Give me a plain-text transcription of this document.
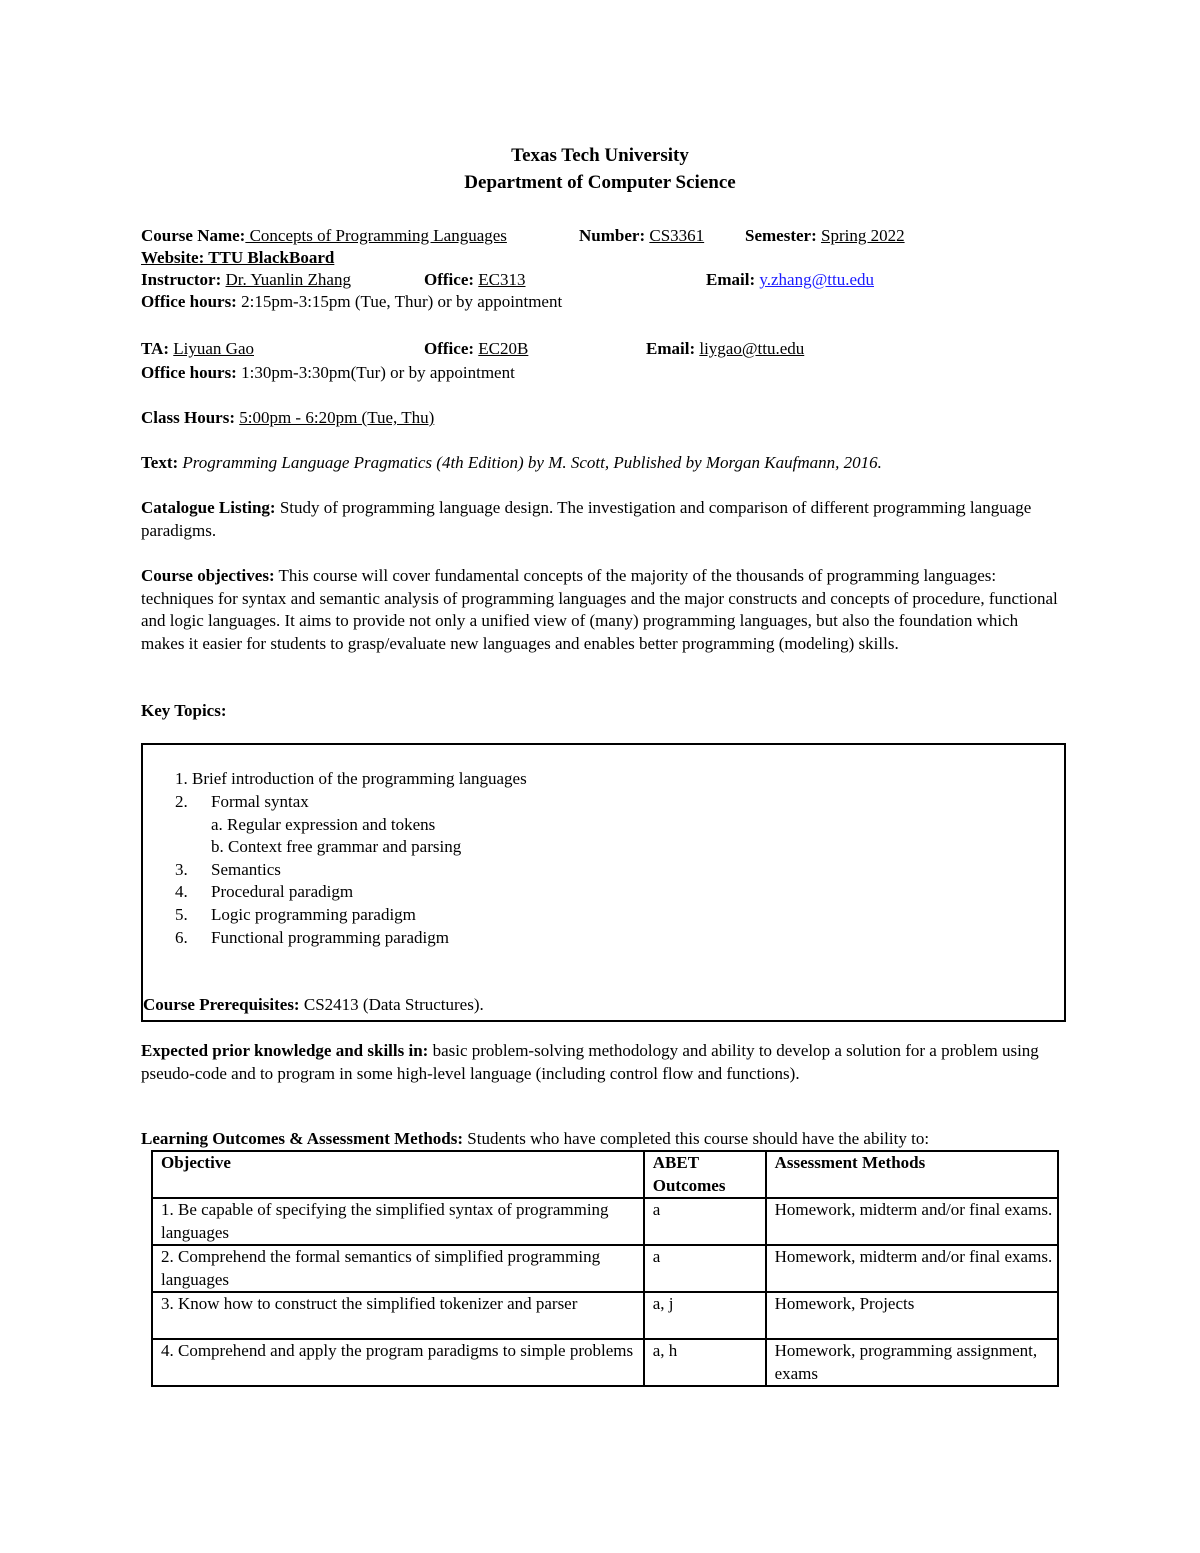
Texas Tech University
Department of Computer Science
Course Name: Concepts of Programming Languages	Number: CS3361 Semester: Spring 2022
Website: TTU BlackBoard
Instructor: Dr. Yuanlin Zhang	Office: EC313	Email: y.zhang@ttu.edu
Office hours: 2:15pm-3:15pm (Tue, Thur) or by appointment
TA: Liyuan Gao	Office: EC20B	Email: liygao@ttu.edu
Office hours: 1:30pm-3:30pm(Tur) or by appointment
Class Hours: 5:00pm - 6:20pm (Tue, Thu)
Text: Programming Language Pragmatics (4th Edition) by M. Scott, Published by Morgan Kaufmann, 2016.
Catalogue Listing: Study of programming language design. The investigation and comparison of different programming language paradigms.
Course objectives: This course will cover fundamental concepts of the majority of the thousands of programming languages: techniques for syntax and semantic analysis of programming languages and the major constructs and concepts of procedure, functional and logic languages. It aims to provide not only a unified view of (many) programming languages, but also the foundation which makes it easier for students to grasp/evaluate new languages and enables better programming (modeling) skills.
Key Topics:
1. Brief introduction of the programming languages
2. Formal syntax
a. Regular expression and tokens
b. Context free grammar and parsing
3. Semantics
4. Procedural paradigm
5. Logic programming paradigm
6. Functional programming paradigm
Course Prerequisites: CS2413 (Data Structures).
Expected prior knowledge and skills in: basic problem-solving methodology and ability to develop a solution for a problem using pseudo-code and to program in some high-level language (including control flow and functions).
Learning Outcomes & Assessment Methods: Students who have completed this course should have the ability to:
Objective	ABET Outcomes	Assessment Methods
1. Be capable of specifying the simplified syntax of programming languages	a	Homework, midterm and/or final exams.
2. Comprehend the formal semantics of simplified programming languages	a	Homework, midterm and/or final exams.
3. Know how to construct the simplified tokenizer and parser	a, j	Homework, Projects
4. Comprehend and apply the program paradigms to simple problems	a, h	Homework, programming assignment, exams
